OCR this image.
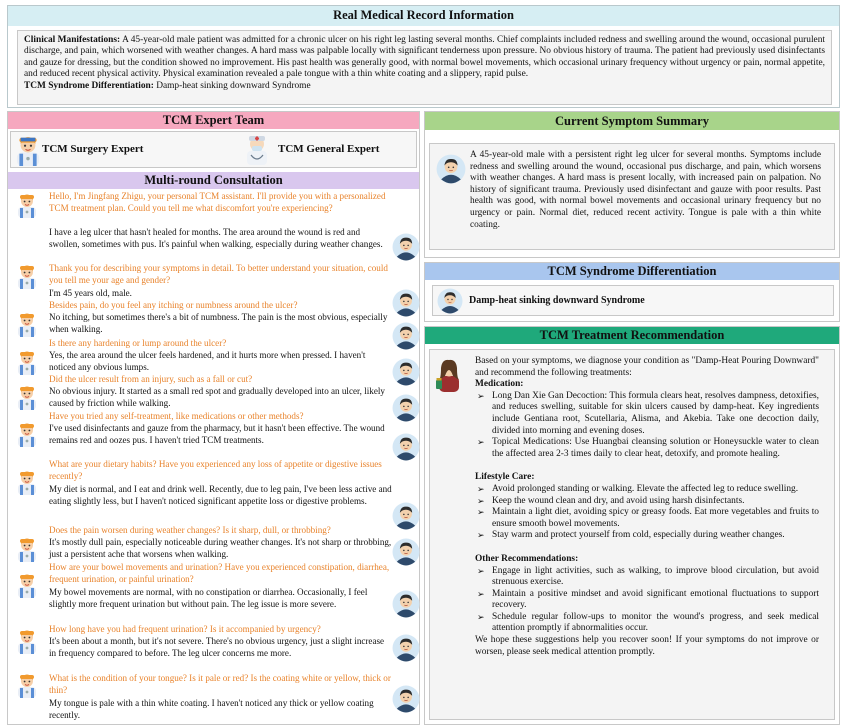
Real Medical Record Information

Clinical Manifestations: A 45-year-old male patient was admitted for a chronic ulcer on his right leg lasting several months. Chief complaints included redness and swelling around the wound, occasional purulent discharge, and pain, which worsened with weather changes. A hard mass was palpable locally with significant tenderness upon pressure. No obvious history of trauma. The patient had previously used disinfectants and gauze for dressing, but the condition showed no improvement. His past health was generally good, with normal bowel movements, which occasional urinary frequency without urgency or pain, normal appetite, and reduced recent physical activity. Physical examination revealed a pale tongue with a thin white coating and a slippery, rapid pulse.

TCM Syndrome Differentiation: Damp-heat sinking downward Syndrome

TCM Expert Team
TCM Surgery Expert	TCM General Expert
Multi-round Consultation
Hello, I'm Jingfang Zhigu, your personal TCM assistant. I'll provide you with a personalized TCM treatment plan. Could you tell me what discomfort you're experiencing?
I have a leg ulcer that hasn't healed for months. The area around the wound is red and swollen, sometimes with pus. It's painful when walking, especially during weather changes.
Thank you for describing your symptoms in detail. To better understand your situation, could you tell me your age and gender?
I'm 45 years old, male.
Besides pain, do you feel any itching or numbness around the ulcer?
No itching, but sometimes there's a bit of numbness. The pain is the most obvious, especially when walking.
Is there any hardening or lump around the ulcer?
Yes, the area around the ulcer feels hardened, and it hurts more when pressed. I haven't noticed any obvious lumps.
Did the ulcer result from an injury, such as a fall or cut?
No obvious injury. It started as a small red spot and gradually developed into an ulcer, likely caused by friction while walking.
Have you tried any self-treatment, like medications or other methods?
I've used disinfectants and gauze from the pharmacy, but it hasn't been effective. The wound remains red and oozes pus. I haven't tried TCM treatments.
What are your dietary habits? Have you experienced any loss of appetite or digestive issues recently?
My diet is normal, and I eat and drink well. Recently, due to leg pain, I've been less active and eating slightly less, but I haven't noticed significant appetite loss or digestive problems.
Does the pain worsen during weather changes? Is it sharp, dull, or throbbing?
It's mostly dull pain, especially noticeable during weather changes. It's not sharp or throbbing, just a persistent ache that worsens when walking.
How are your bowel movements and urination? Have you experienced constipation, diarrhea, frequent urination, or painful urination?
My bowel movements are normal, with no constipation or diarrhea. Occasionally, I feel slightly more frequent urination but without pain. The leg issue is more severe.
How long have you had frequent urination? Is it accompanied by urgency?
It's been about a month, but it's not severe. There's no obvious urgency, just a slight increase in frequency compared to before. The leg ulcer concerns me more.
What is the condition of your tongue? Is it pale or red? Is the coating white or yellow, thick or thin?
My tongue is pale with a thin white coating. I haven't noticed any thick or yellow coating recently.
Current Symptom Summary

A 45-year-old male with a persistent right leg ulcer for several months. Symptoms include redness and swelling around the wound, occasional pus discharge, and pain, which worsens with weather changes. A hard mass is present locally, with increased pain on palpation. No history of significant trauma. Previously used disinfectant and gauze with poor results. Past health was good, with normal bowel movements and occasional urinary frequency but no urgency or pain. Normal diet, reduced recent activity. Tongue is pale with a thin white coating.

TCM Syndrome Differentiation
Damp-heat sinking downward Syndrome
TCM Treatment Recommendation

Based on your symptoms, we diagnose your condition as "Damp-Heat Pouring Downward" and recommend the following treatments:

Medication:

➢ Long Dan Xie Gan Decoction: This formula clears heat, resolves dampness, detoxifies, and reduces swelling, suitable for skin ulcers caused by damp-heat. Key ingredients include Gentiana root, Scutellaria, Alisma, and Akebia. Take one decoction daily, divided into morning and evening doses.
➢ Topical Medications: Use Huangbai cleansing solution or Honeysuckle water to clean the affected area 2-3 times daily to clear heat, detoxify, and promote healing.

Lifestyle Care:

➢ Avoid prolonged standing or walking. Elevate the affected leg to reduce swelling.
➢ Keep the wound clean and dry, and avoid using harsh disinfectants.
➢ Maintain a light diet, avoiding spicy or greasy foods. Eat more vegetables and fruits to ensure smooth bowel movements.
➢ Stay warm and protect yourself from cold, especially during weather changes.

Other Recommendations:

➢ Engage in light activities, such as walking, to improve blood circulation, but avoid strenuous exercise.
➢ Maintain a positive mindset and avoid significant emotional fluctuations to support recovery.
➢ Schedule regular follow-ups to monitor the wound's progress, and seek medical attention promptly if abnormalities occur.

We hope these suggestions help you recover soon! If your symptoms do not improve or worsen, please seek medical attention promptly.
